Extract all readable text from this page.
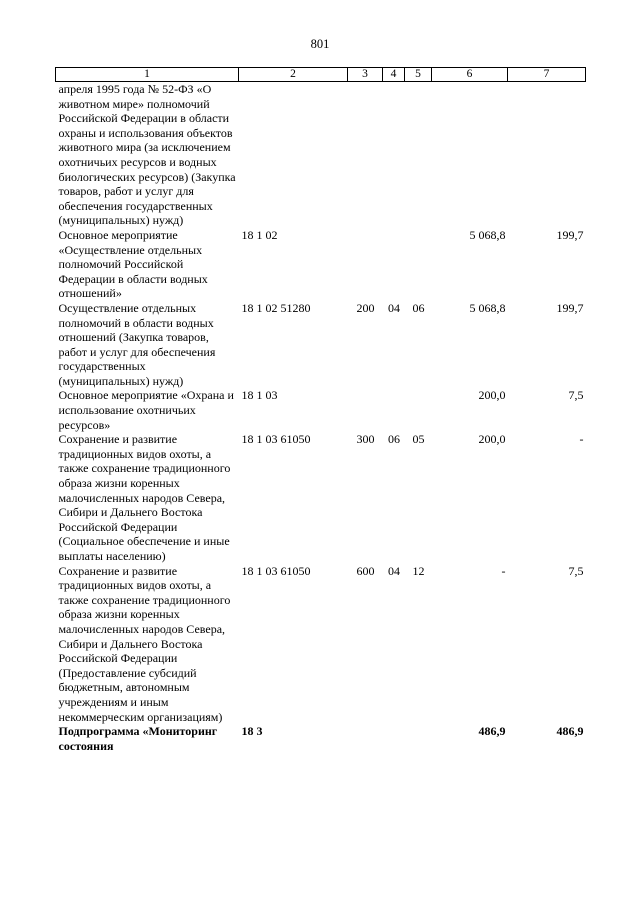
801
1	2	3	4	5	6	7
апреля 1995 года № 52-ФЗ «О животном мире» полномочий Российской Федерации в области охраны и использования объектов животного мира (за исключением охотничьих ресурсов и водных биологических ресурсов) (Закупка товаров, работ и услуг для обеспечения государственных (муниципальных) нужд)						
Основное мероприятие «Осуществление отдельных полномочий Российской Федерации в области водных отношений»	18 1 02				5 068,8	199,7
Осуществление отдельных полномочий в области водных отношений (Закупка товаров, работ и услуг для обеспечения государственных (муниципальных) нужд)	18 1 02 51280	200	04	06	5 068,8	199,7
Основное мероприятие «Охрана и использование охотничьих ресурсов»	18 1 03				200,0	7,5
Сохранение и развитие традиционных видов охоты, а также сохранение традиционного образа жизни коренных малочисленных народов Севера, Сибири и Дальнего Востока Российской Федерации (Социальное обеспечение и иные выплаты населению)	18 1 03 61050	300	06	05	200,0	-
Сохранение и развитие традиционных видов охоты, а также сохранение традиционного образа жизни коренных малочисленных народов Севера, Сибири и Дальнего Востока Российской Федерации (Предоставление субсидий бюджетным, автономным учреждениям и иным некоммерческим организациям)	18 1 03 61050	600	04	12	-	7,5
Подпрограмма «Мониторинг состояния	18 3				486,9	486,9
